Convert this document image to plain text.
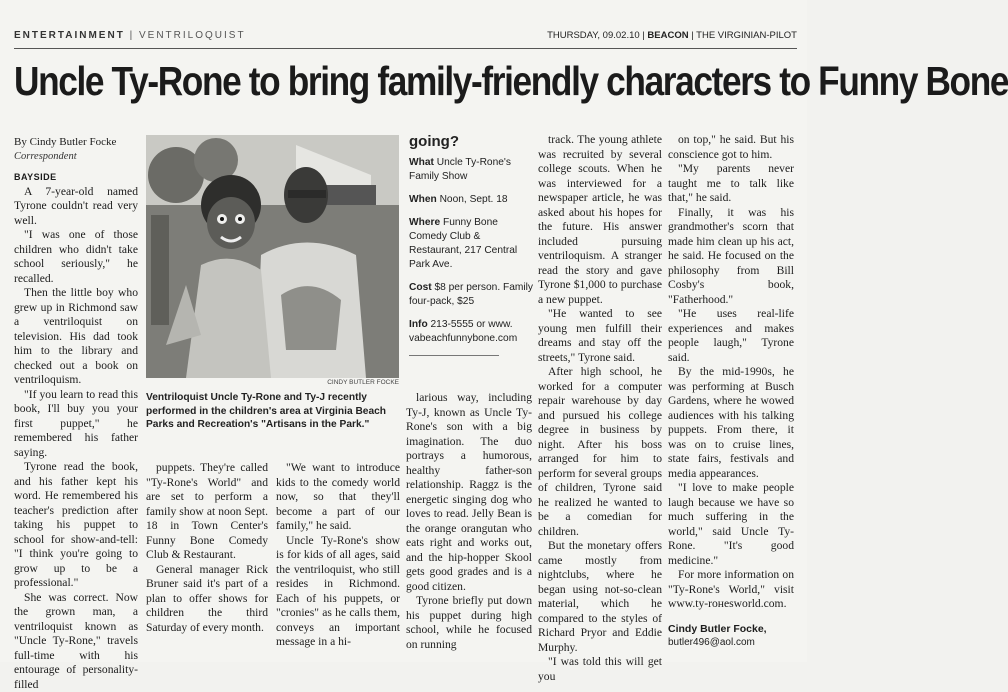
ENTERTAINMENT | VENTRILOQUIST	THURSDAY, 09.02.10 | BEACON | THE VIRGINIAN-PILOT
Uncle Ty-Rone to bring family-friendly characters to Funny Bone
By Cindy Butler Focke
Correspondent
BAYSIDE

A 7-year-old named Tyrone couldn't read very well.

"I was one of those children who didn't take school seriously," he recalled.

Then the little boy who grew up in Richmond saw a ventriloquist on television. His dad took him to the library and checked out a book on ventriloquism.

"If you learn to read this book, I'll buy you your first puppet," he remembered his father saying.

Tyrone read the book, and his father kept his word. He remembered his teacher's prediction after taking his puppet to school for show-and-tell: "I think you're going to grow up to be a professional."

She was correct. Now the grown man, a ventriloquist known as "Uncle Ty-Rone," travels full-time with his entourage of personality-filled

CINDY BUTLER FOCKE
Ventriloquist Uncle Ty-Rone and Ty-J recently performed in the children's area at Virginia Beach Parks and Recreation's "Artisans in the Park."

puppets. They're called "Ty-Rone's World" and are set to perform a family show at noon Sept. 18 in Town Center's Funny Bone Comedy Club & Restaurant.

General manager Rick Bruner said it's part of a plan to offer shows for children the third Saturday of every month.

"We want to introduce kids to the comedy world now, so that they'll become a part of our family," he said.

Uncle Ty-Rone's show is for kids of all ages, said the ventriloquist, who still resides in Richmond. Each of his puppets, or "cronies" as he calls them, conveys an important message in a hi-

going?
What Uncle Ty-Rone's Family Show
When Noon, Sept. 18
Where Funny Bone Comedy Club & Restaurant, 217 Central Park Ave.
Cost $8 per person. Family four-pack, $25
Info 213-5555 or www. vabeachfunnybone.com

larious way, including Ty-J, known as Uncle Ty-Rone's son with a big imagination. The duo portrays a humorous, healthy father-son relationship. Raggz is the energetic singing dog who loves to read. Jelly Bean is the orange orangutan who eats right and works out, and the hip-hopper Skool gets good grades and is a good citizen.

Tyrone briefly put down his puppet during high school, while he focused on running

track. The young athlete was recruited by several college scouts. When he was interviewed for a newspaper article, he was asked about his hopes for the future. His answer included pursuing ventriloquism. A stranger read the story and gave Tyrone $1,000 to purchase a new puppet.

"He wanted to see young men fulfill their dreams and stay off the streets," Tyrone said.

After high school, he worked for a computer repair warehouse by day and pursued his college degree in business by night. After his boss arranged for him to perform for several groups of children, Tyrone said he realized he wanted to be a comedian for children.

But the monetary offers came mostly from nightclubs, where he began using not-so-clean material, which he compared to the styles of Richard Pryor and Eddie Murphy.

"I was told this will get you

on top," he said. But his conscience got to him.

"My parents never taught me to talk like that," he said.

Finally, it was his grandmother's scorn that made him clean up his act, he said. He focused on the philosophy from Bill Cosby's book, "Fatherhood."

"He uses real-life experiences and makes people laugh," Tyrone said.

By the mid-1990s, he was performing at Busch Gardens, where he wowed audiences with his talking puppets. From there, it was on to cruise lines, state fairs, festivals and media appearances.

"I love to make people laugh because we have so much suffering in the world," said Uncle Ty-Rone. "It's good medicine."

For more information on "Ty-Rone's World," visit www.ty-rонesworld.com.

Cindy Butler Focke,

butler496@aol.com
